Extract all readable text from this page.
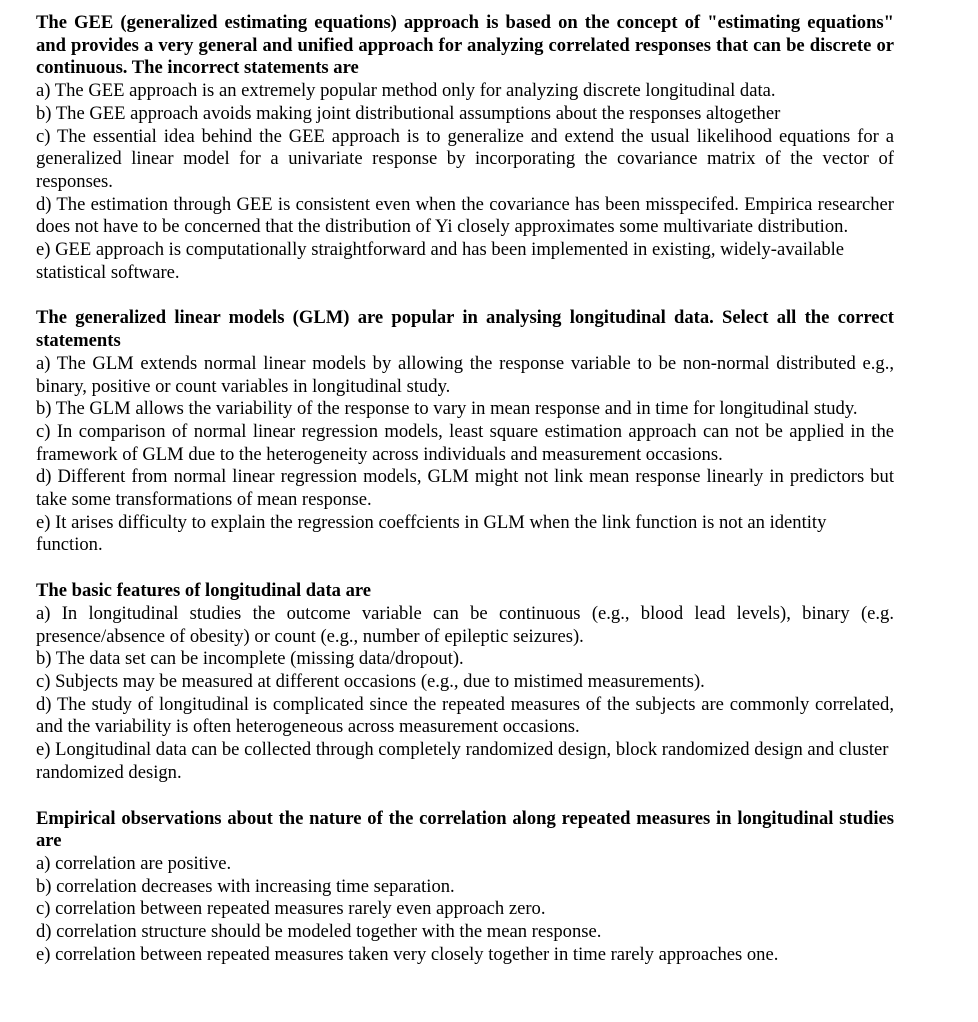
The GEE (generalized estimating equations) approach is based on the concept of "estimating equations" and provides a very general and unified approach for analyzing correlated responses that can be discrete or continuous. The incorrect statements are

a) The GEE approach is an extremely popular method only for analyzing discrete longitudinal data.

b) The GEE approach avoids making joint distributional assumptions about the responses altogether

c) The essential idea behind the GEE approach is to generalize and extend the usual likelihood equations for a generalized linear model for a univariate response by incorporating the covariance matrix of the vector of responses.

d) The estimation through GEE is consistent even when the covariance has been misspecifed. Empirica researcher does not have to be concerned that the distribution of Yi closely approximates some multivariate distribution.

e) GEE approach is computationally straightforward and has been implemented in existing, widely-available statistical software.

The generalized linear models (GLM) are popular in analysing longitudinal data. Select all the correct statements

a) The GLM extends normal linear models by allowing the response variable to be non-normal distributed e.g., binary, positive or count variables in longitudinal study.

b) The GLM allows the variability of the response to vary in mean response and in time for longitudinal study.

c) In comparison of normal linear regression models, least square estimation approach can not be applied in the framework of GLM due to the heterogeneity across individuals and measurement occasions.

d) Different from normal linear regression models, GLM might not link mean response linearly in predictors but take some transformations of mean response.

e) It arises difficulty to explain the regression coeffcients in GLM when the link function is not an identity function.

The basic features of longitudinal data are

a) In longitudinal studies the outcome variable can be continuous (e.g., blood lead levels), binary (e.g. presence/absence of obesity) or count (e.g., number of epileptic seizures).

b) The data set can be incomplete (missing data/dropout).

c) Subjects may be measured at different occasions (e.g., due to mistimed measurements).

d) The study of longitudinal is complicated since the repeated measures of the subjects are commonly correlated, and the variability is often heterogeneous across measurement occasions.

e) Longitudinal data can be collected through completely randomized design, block randomized design and cluster randomized design.

Empirical observations about the nature of the correlation along repeated measures in longitudinal studies are

a) correlation are positive.

b) correlation decreases with increasing time separation.

c) correlation between repeated measures rarely even approach zero.

d) correlation structure should be modeled together with the mean response.

e) correlation between repeated measures taken very closely together in time rarely approaches one.
